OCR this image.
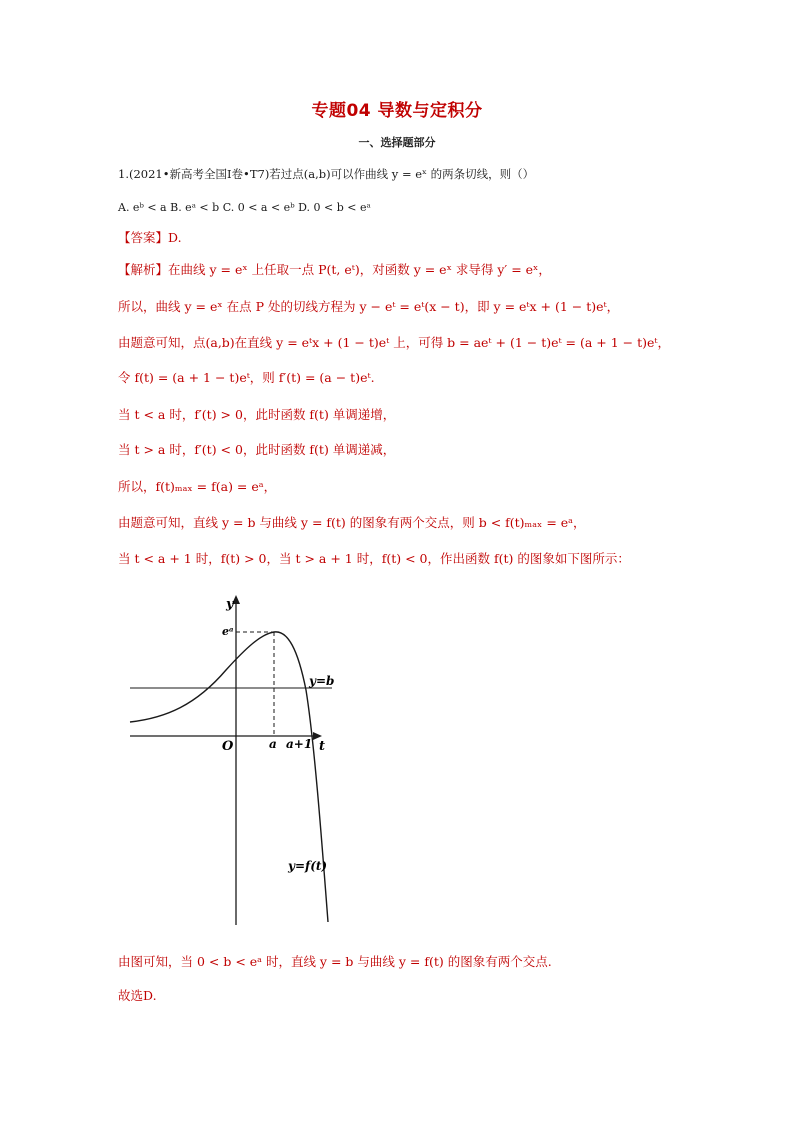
专题04 导数与定积分
一、选择题部分
1.(2021•新高考全国Ⅰ卷•T7)若过点(a,b)可以作曲线 y = eˣ 的两条切线，则（）
A. eᵇ < a B. eᵃ < b C. 0 < a < eᵇ D. 0 < b < eᵃ
【答案】D.
【解析】在曲线 y = eˣ 上任取一点 P(t, eᵗ)，对函数 y = eˣ 求导得 y′ = eˣ，
所以，曲线 y = eˣ 在点 P 处的切线方程为 y − eᵗ = eᵗ(x − t)，即 y = eᵗx + (1 − t)eᵗ，
由题意可知，点(a,b)在直线 y = eᵗx + (1 − t)eᵗ 上，可得 b = aeᵗ + (1 − t)eᵗ = (a + 1 − t)eᵗ，
令 f(t) = (a + 1 − t)eᵗ，则 f′(t) = (a − t)eᵗ.
当 t < a 时，f′(t) > 0，此时函数 f(t) 单调递增，
当 t > a 时，f′(t) < 0，此时函数 f(t) 单调递减，
所以，f(t)ₘₐₓ = f(a) = eᵃ，
由题意可知，直线 y = b 与曲线 y = f(t) 的图象有两个交点，则 b < f(t)ₘₐₓ = eᵃ，
当 t < a + 1 时，f(t) > 0，当 t > a + 1 时，f(t) < 0，作出函数 f(t) 的图象如下图所示：
y
t
O
eᵃ
a a+1
y=b
y=f(t)
由图可知，当 0 < b < eᵃ 时，直线 y = b 与曲线 y = f(t) 的图象有两个交点.
故选D.
